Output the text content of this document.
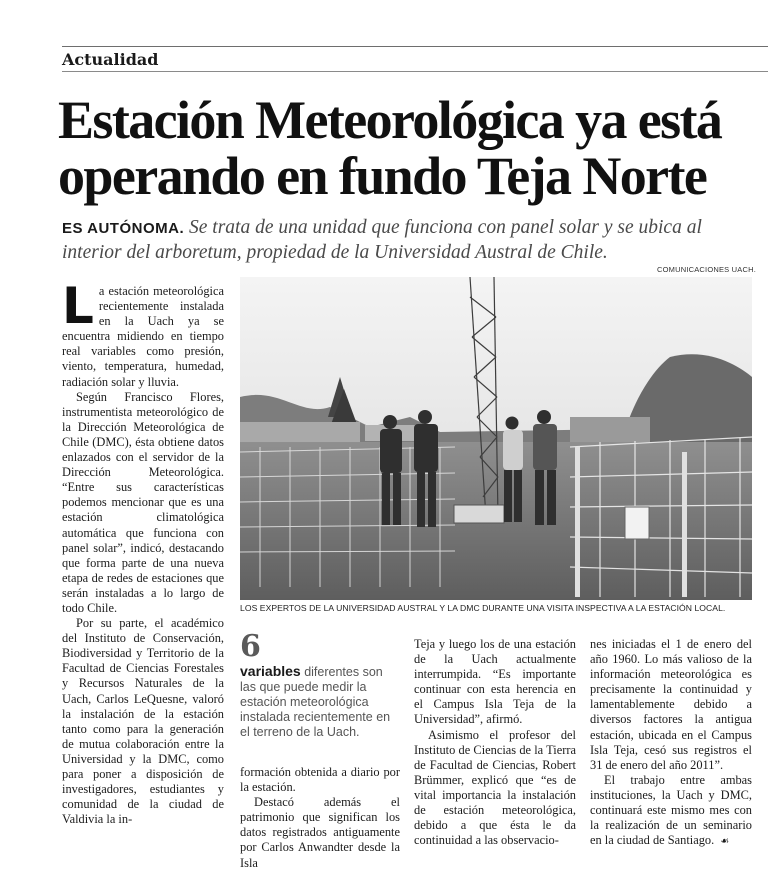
Actualidad
Estación Meteorológica ya está operando en fundo Teja Norte
ES AUTÓNOMA. Se trata de una unidad que funciona con panel solar y se ubica al interior del arboretum, propiedad de la Universidad Austral de Chile.
COMUNICACIONES UACH.
L a estación meteorológica recientemente instalada en la Uach ya se encuentra midiendo en tiempo real variables como presión, viento, temperatura, humedad, radiación solar y lluvia.

Según Francisco Flores, instrumentista meteorológico de la Dirección Meteorológica de Chile (DMC), ésta obtiene datos enlazados con el servidor de la Dirección Meteorológica. “Entre sus características podemos mencionar que es una estación climatológica automática que funciona con panel solar”, indicó, destacando que forma parte de una nueva etapa de redes de estaciones que serán instaladas a lo largo de todo Chile.

Por su parte, el académico del Instituto de Conservación, Biodiversidad y Territorio de la Facultad de Ciencias Forestales y Recursos Naturales de la Uach, Carlos LeQuesne, valoró la instalación de la estación tanto como para la generación de mutua colaboración entre la Universidad y la DMC, como para poner a disposición de investigadores, estudiantes y comunidad de la ciudad de Valdivia la in-

LOS EXPERTOS DE LA UNIVERSIDAD AUSTRAL Y LA DMC DURANTE UNA VISITA INSPECTIVA A LA ESTACIÓN LOCAL.
6
variables diferentes son las que puede medir la estación meteorológica instalada recientemente en el terreno de la Uach.

formación obtenida a diario por la estación.

Destacó además el patrimonio que significan los datos registrados antiguamente por Carlos Anwandter desde la Isla

Teja y luego los de una estación de la Uach actualmente interrumpida. “Es importante continuar con esta herencia en el Campus Isla Teja de la Universidad”, afirmó.

Asimismo el profesor del Instituto de Ciencias de la Tierra de Facultad de Ciencias, Robert Brümmer, explicó que “es de vital importancia la instalación de estación meteorológica, debido a que ésta le da continuidad a las observacio-

nes iniciadas el 1 de enero del año 1960. Lo más valioso de la información meteorológica es precisamente la continuidad y lamentablemente debido a diversos factores la antigua estación, ubicada en el Campus Isla Teja, cesó sus registros el 31 de enero del año 2011”.

El trabajo entre ambas instituciones, la Uach y DMC, continuará este mismo mes con la realización de un seminario en la ciudad de Santiago. ☙
